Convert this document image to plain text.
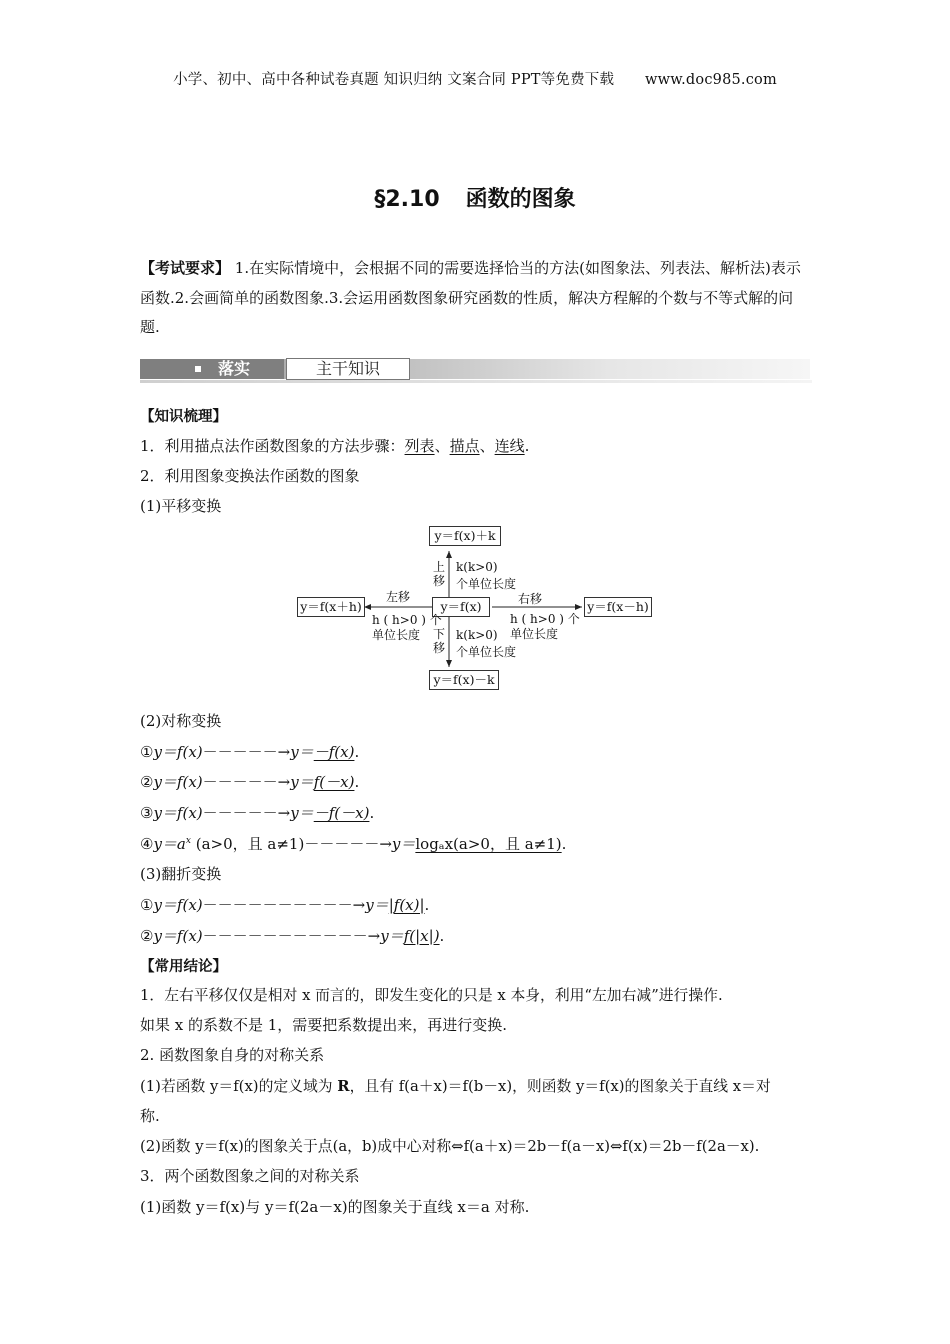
小学、初中、高中各种试卷真题 知识归纳 文案合同 PPT等免费下载 www.doc985.com
§2.10 函数的图象
【考试要求】 1.在实际情境中，会根据不同的需要选择恰当的方法(如图象法、列表法、解析法)表示函数.2.会画简单的函数图象.3.会运用函数图象研究函数的性质，解决方程解的个数与不等式解的问题.
落实	主干知识
【知识梳理】
1．利用描点法作函数图象的方法步骤：列表、描点、连线.
2．利用图象变换法作函数的图象
(1)平移变换
y＝f(x)＋k
y＝f(x)
y＝f(x)－k
y＝f(x＋h)	y＝f(x－h)
上移
k(k>0)
个单位长度
下移
k(k>0)
个单位长度
左移
h ( h>0 ) 个
单位长度
右移
h ( h>0 ) 个
单位长度
(2)对称变换
①y＝f(x)－－－－－→y＝－f(x).
②y＝f(x)－－－－－→y＝f(－x).
③y＝f(x)－－－－－→y＝－f(－x).
$④y=a^x$ (a>0，且 a≠1)－－－－－→y＝logₐx(a>0，且 a≠1).
(3)翻折变换
①y＝f(x)－－－－－－－－－－→y＝|f(x)|.
②y＝f(x)－－－－－－－－－－－→y＝f(|x|).
【常用结论】
1．左右平移仅仅是相对 x 而言的，即发生变化的只是 x 本身，利用“左加右减”进行操作.
如果 x 的系数不是 1，需要把系数提出来，再进行变换.
2. 函数图象自身的对称关系
(1)若函数 y＝f(x)的定义域为 R，且有 f(a＋x)＝f(b－x)，则函数 y＝f(x)的图象关于直线 x＝对
称.
(2)函数 y＝f(x)的图象关于点(a，b)成中心对称⇔f(a＋x)＝2b－f(a－x)⇔f(x)＝2b－f(2a－x).
3．两个函数图象之间的对称关系
(1)函数 y＝f(x)与 y＝f(2a－x)的图象关于直线 x＝a 对称.
